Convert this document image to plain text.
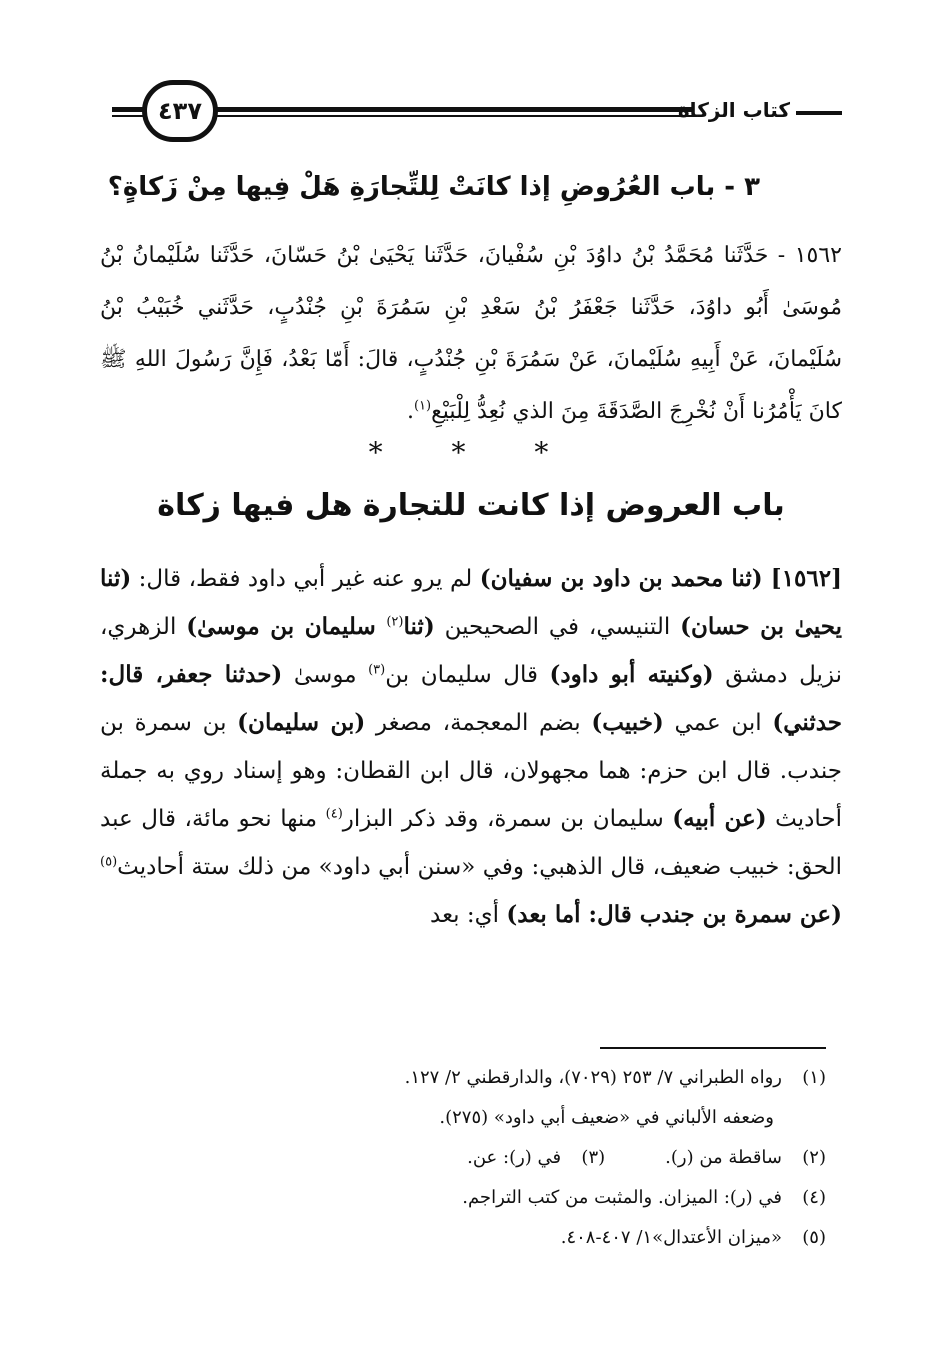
كتاب الزكاة
٤٣٧
٣ - باب العُرُوضِ إذا كانَتْ لِلتِّجارَةِ هَلْ فِيها مِنْ زَكاةٍ؟
١٥٦٢ - حَدَّثَنا مُحَمَّدُ بْنُ داوُدَ بْنِ سُفْيانَ، حَدَّثَنا يَحْيَىٰ بْنُ حَسّانَ، حَدَّثَنا سُلَيْمانُ بْنُ مُوسَىٰ أَبُو داوُدَ، حَدَّثَنا جَعْفَرُ بْنُ سَعْدِ بْنِ سَمُرَةَ بْنِ جُنْدُبٍ، حَدَّثَني خُبَيْبُ بْنُ سُلَيْمانَ، عَنْ أَبِيهِ سُلَيْمانَ، عَنْ سَمُرَةَ بْنِ جُنْدُبٍ، قالَ: أَمّا بَعْدُ، فَإِنَّ رَسُولَ اللهِ ﷺ كانَ يَأْمُرُنا أَنْ نُخْرِجَ الصَّدَقَةَ مِنَ الذي نُعِدُّ لِلْبَيْعِ$^{(١)}$.
* * *
باب العروض إذا كانت للتجارة هل فيها زكاة
[١٥٦٢] (ثنا محمد بن داود بن سفيان) لم يرو عنه غير أبي داود فقط، قال: (ثنا يحيىٰ بن حسان) التنيسي، في الصحيحين (ثنا$^{(٢)}$ سليمان بن موسىٰ) الزهري، نزيل دمشق (وكنيته أبو داود) قال سليمان بن$^{(٣)}$ موسىٰ (حدثنا جعفر، قال: حدثني) ابن عمي (خبيب) بضم المعجمة، مصغر (بن سليمان) بن سمرة بن جندب. قال ابن حزم: هما مجهولان، قال ابن القطان: وهو إسناد روي به جملة أحاديث (عن أبيه) سليمان بن سمرة، وقد ذكر البزار$^{(٤)}$ منها نحو مائة، قال عبد الحق: خبيب ضعيف، قال الذهبي: وفي «سنن أبي داود» من ذلك ستة أحاديث$^{(٥)}$ (عن سمرة بن جندب قال: أما بعد) أي: بعد
(١)رواه الطبراني ٧/ ٢٥٣ (٧٠٢٩)، والدارقطني ٢/ ١٢٧.
وضعفه الألباني في «ضعيف أبي داود» (٢٧٥).
(٢)ساقطة من (ر).(٣)في (ر): عن.
(٤)في (ر): الميزان. والمثبت من كتب التراجم.
(٥)«ميزان الأعتدال»١/ ٤٠٧-٤٠٨.
